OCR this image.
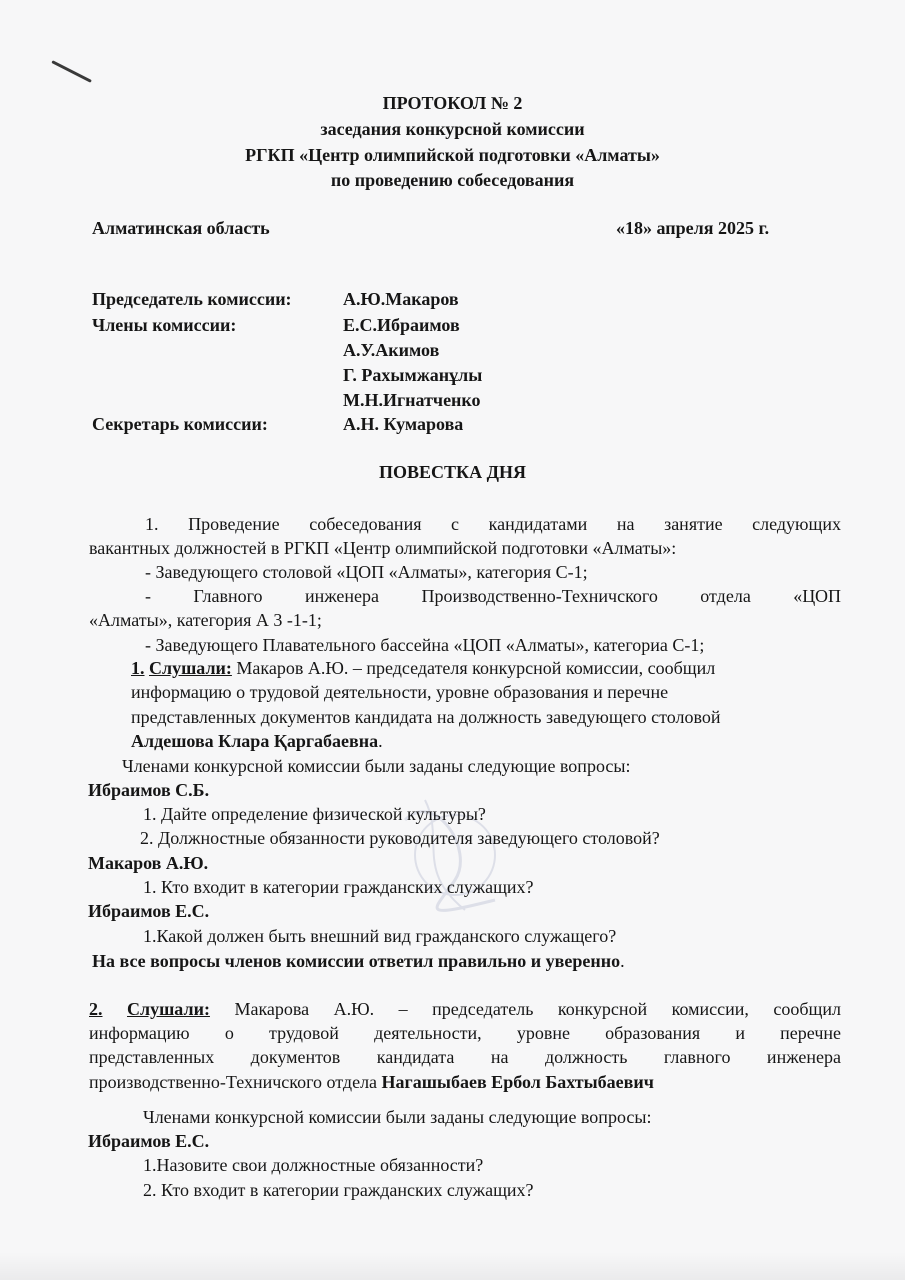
ПРОТОКОЛ № 2
заседания конкурсной комиссии
РГКП «Центр олимпийской подготовки «Алматы»
по проведению собеседования
Алматинская область	«18» апреля 2025 г.
Председатель комиссии:	А.Ю.Макаров
Члены комиссии:	Е.С.Ибраимов
А.У.Акимов
Г. Рахымжанұлы
М.Н.Игнатченко
Секретарь комиссии:	А.Н. Кумарова
ПОВЕСТКА ДНЯ
1. Проведение собеседования с кандидатами на занятие следующих
вакантных должностей в РГКП «Центр олимпийской подготовки «Алматы»:
- Заведующего столовой «ЦОП «Алматы», категория С-1;
- Главного инженера Производственно-Техничского отдела «ЦОП
«Алматы», категория А 3 -1-1;
- Заведующего Плавательного бассейна «ЦОП «Алматы», категориа С-1;
1. Слушали: Макаров А.Ю. – председателя конкурсной комиссии, сообщил
информацию о трудовой деятельности, уровне образования и перечне
представленных документов кандидата на должность заведующего столовой
Алдешова Клара Қаргабаевна.
Членами конкурсной комиссии были заданы следующие вопросы:
Ибраимов С.Б.
1. Дайте определение физической культуры?
2. Должностные обязанности руководителя заведующего столовой?
Макаров А.Ю.
1. Кто входит в категории гражданских служащих?
Ибраимов Е.С.
1.Какой должен быть внешний вид гражданского служащего?
На все вопросы членов комиссии ответил правильно и уверенно.
2. Слушали: Макарова А.Ю. – председатель конкурсной комиссии, сообщил
информацию о трудовой деятельности, уровне образования и перечне
представленных документов кандидата на должность главного инженера
производственно-Техничского отдела Нагашыбаев Ербол Бахтыбаевич
Членами конкурсной комиссии были заданы следующие вопросы:
Ибраимов Е.С.
1.Назовите свои должностные обязанности?
2. Кто входит в категории гражданских служащих?
